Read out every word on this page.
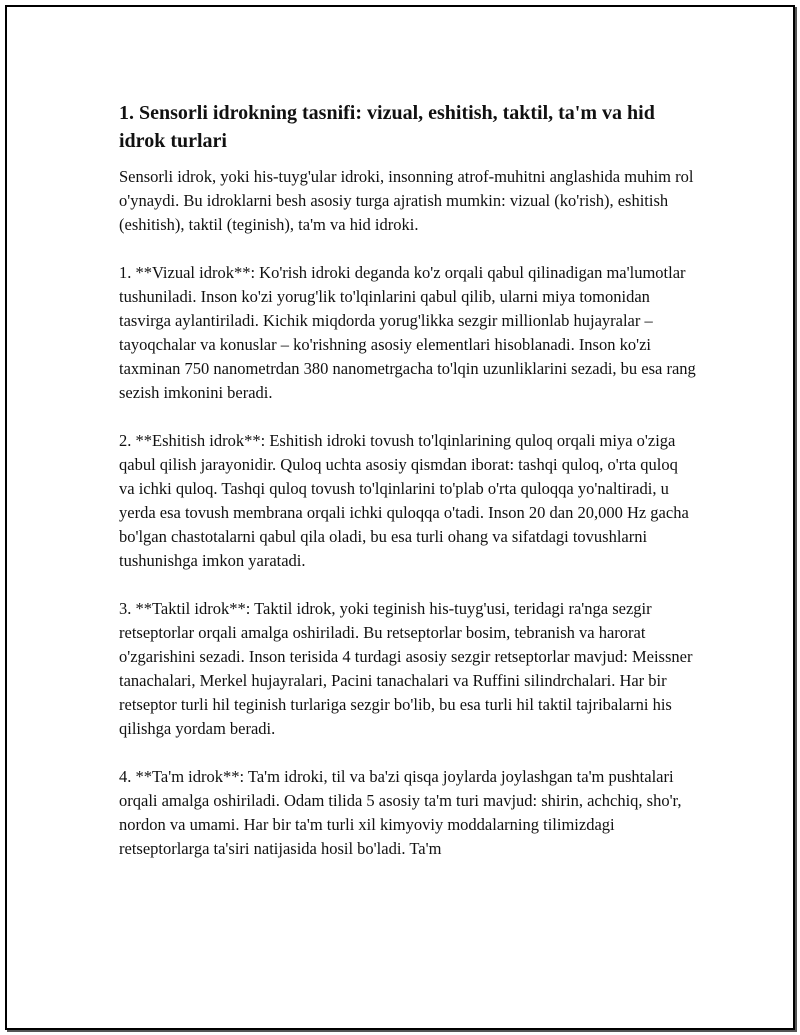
1. Sensorli idrokning tasnifi: vizual, eshitish, taktil, ta'm va hid idrok turlari

Sensorli idrok, yoki his-tuyg'ular idroki, insonning atrof-muhitni anglashida muhim rol o'ynaydi. Bu idroklarni besh asosiy turga ajratish mumkin: vizual (ko'rish), eshitish (eshitish), taktil (teginish), ta'm va hid idroki.

1. **Vizual idrok**: Ko'rish idroki deganda ko'z orqali qabul qilinadigan ma'lumotlar tushuniladi. Inson ko'zi yorug'lik to'lqinlarini qabul qilib, ularni miya tomonidan tasvirga aylantiriladi. Kichik miqdorda yorug'likka sezgir millionlab hujayralar – tayoqchalar va konuslar – ko'rishning asosiy elementlari hisoblanadi. Inson ko'zi taxminan 750 nanometrdan 380 nanometrgacha to'lqin uzunliklarini sezadi, bu esa rang sezish imkonini beradi.

2. **Eshitish idrok**: Eshitish idroki tovush to'lqinlarining quloq orqali miya o'ziga qabul qilish jarayonidir. Quloq uchta asosiy qismdan iborat: tashqi quloq, o'rta quloq va ichki quloq. Tashqi quloq tovush to'lqinlarini to'plab o'rta quloqqa yo'naltiradi, u yerda esa tovush membrana orqali ichki quloqqa o'tadi. Inson 20 dan 20,000 Hz gacha bo'lgan chastotalarni qabul qila oladi, bu esa turli ohang va sifatdagi tovushlarni tushunishga imkon yaratadi.

3. **Taktil idrok**: Taktil idrok, yoki teginish his-tuyg'usi, teridagi ra'nga sezgir retseptorlar orqali amalga oshiriladi. Bu retseptorlar bosim, tebranish va harorat o'zgarishini sezadi. Inson terisida 4 turdagi asosiy sezgir retseptorlar mavjud: Meissner tanachalari, Merkel hujayralari, Pacini tanachalari va Ruffini silindrchalari. Har bir retseptor turli hil teginish turlariga sezgir bo'lib, bu esa turli hil taktil tajribalarni his qilishga yordam beradi.

4. **Ta'm idrok**: Ta'm idroki, til va ba'zi qisqa joylarda joylashgan ta'm pushtalari orqali amalga oshiriladi. Odam tilida 5 asosiy ta'm turi mavjud: shirin, achchiq, sho'r, nordon va umami. Har bir ta'm turli xil kimyoviy moddalarning tilimizdagi retseptorlarga ta'siri natijasida hosil bo'ladi. Ta'm
